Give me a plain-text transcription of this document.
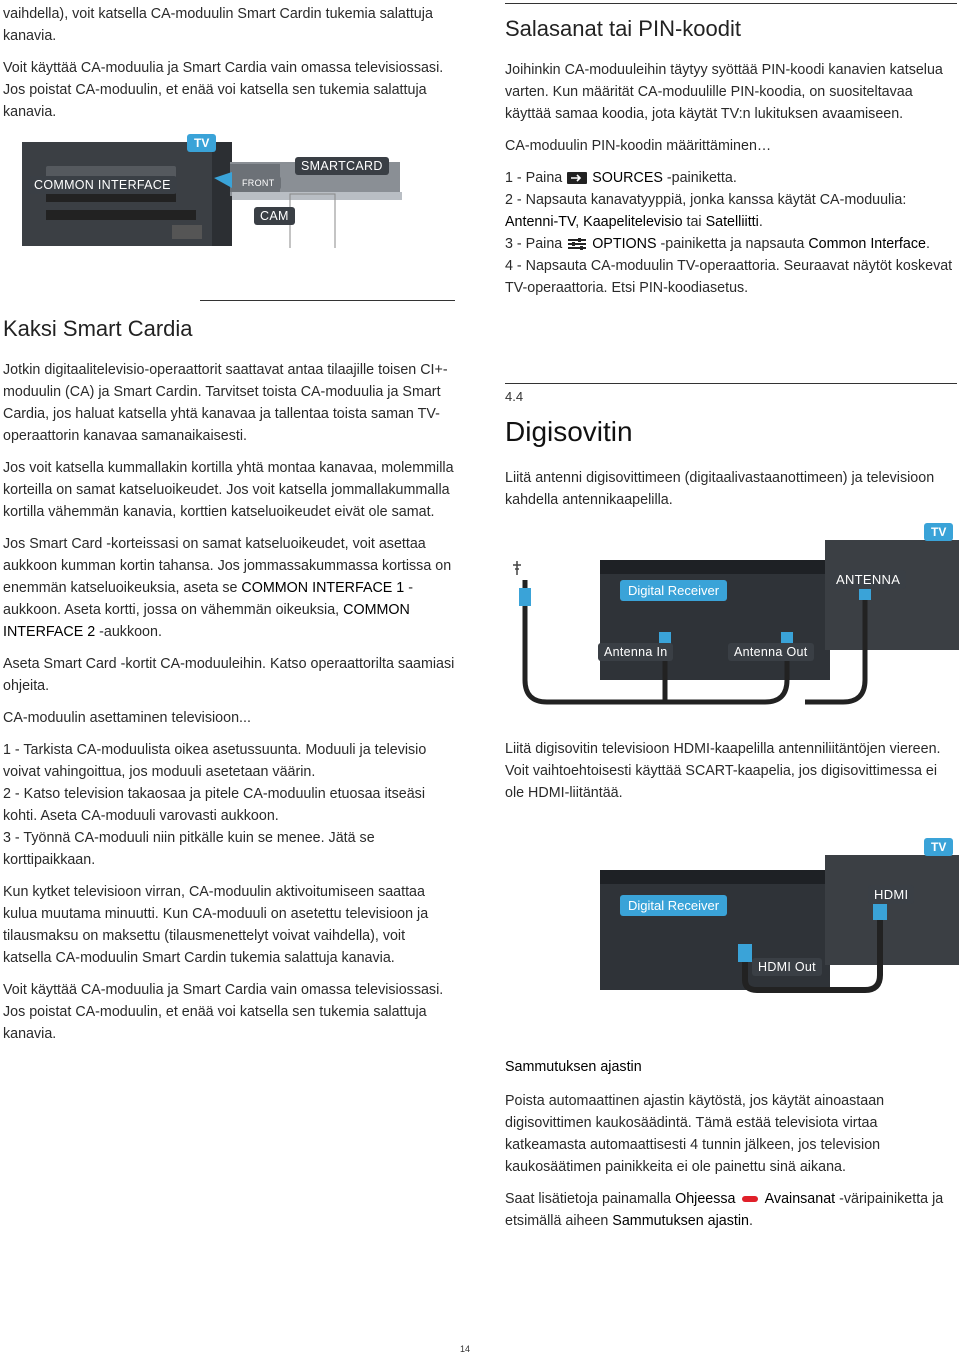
vaihdella), voit katsella CA-moduulin Smart Cardin tukemia salattuja kanavia.

Voit käyttää CA-moduulia ja Smart Cardia vain omassa televisiossasi. Jos poistat CA-moduulin, et enää voi katsella sen tukemia salattuja kanavia.

TV
COMMON INTERFACE	FRONT
SMARTCARD
CAM
Kaksi Smart Cardia

Jotkin digitaalitelevisio-operaattorit saattavat antaa tilaajille toisen CI+-moduulin (CA) ja Smart Cardin. Tarvitset toista CA-moduulia ja Smart Cardia, jos haluat katsella yhtä kanavaa ja tallentaa toista saman TV-operaattorin kanavaa samanaikaisesti.

Jos voit katsella kummallakin kortilla yhtä montaa kanavaa, molemmilla korteilla on samat katseluoikeudet. Jos voit katsella jommallakummalla kortilla vähemmän kanavia, korttien katseluoikeudet eivät ole samat.

Jos Smart Card -korteissasi on samat katseluoikeudet, voit asettaa aukkoon kumman kortin tahansa. Jos jommassakummassa kortissa on enemmän katseluoikeuksia, aseta se COMMON INTERFACE 1 -aukkoon. Aseta kortti, jossa on vähemmän oikeuksia, COMMON INTERFACE 2 -aukkoon.

Aseta Smart Card -kortit CA-moduuleihin. Katso operaattorilta saamiasi ohjeita.

CA-moduulin asettaminen televisioon...

1 - Tarkista CA-moduulista oikea asetussuunta. Moduuli ja televisio voivat vahingoittua, jos moduuli asetetaan väärin.

2 - Katso television takaosaa ja pitele CA-moduulin etuosaa itseäsi kohti. Aseta CA-moduuli varovasti aukkoon.

3 - Työnnä CA-moduuli niin pitkälle kuin se menee. Jätä se korttipaikkaan.

Kun kytket televisioon virran, CA-moduulin aktivoitumiseen saattaa kulua muutama minuutti. Kun CA-moduuli on asetettu televisioon ja tilausmaksu on maksettu (tilausmenettelyt voivat vaihdella), voit katsella CA-moduulin Smart Cardin tukemia salattuja kanavia.

Voit käyttää CA-moduulia ja Smart Cardia vain omassa televisiossasi. Jos poistat CA-moduulin, et enää voi katsella sen tukemia salattuja kanavia.

Salasanat tai PIN-koodit

Joihinkin CA-moduuleihin täytyy syöttää PIN-koodi kanavien katselua varten. Kun määrität CA-moduulille PIN-koodia, on suositeltavaa käyttää samaa koodia, jota käytät TV:n lukituksen avaamiseen.

CA-moduulin PIN-koodin määrittäminen…

1 - Paina  SOURCES -painiketta.

2 - Napsauta kanavatyyppiä, jonka kanssa käytät CA-moduulia: Antenni-TV, Kaapelitelevisio tai Satelliitti.

3 - Paina  OPTIONS -painiketta ja napsauta Common Interface.

4 - Napsauta CA-moduulin TV-operaattoria. Seuraavat näytöt koskevat TV-operaattoria. Etsi PIN-koodiasetus.

4.4
Digisovitin

Liitä antenni digisovittimeen (digitaalivastaanottimeen) ja televisioon kahdella antennikaapelilla.

TV
Digital Receiver
ANTENNA
Antenna In	Antenna Out

Liitä digisovitin televisioon HDMI-kaapelilla antenniliitäntöjen viereen.

Voit vaihtoehtoisesti käyttää SCART-kaapelia, jos digisovittimessa ei ole HDMI-liitäntää.

TV
Digital Receiver
HDMI
HDMI Out
Sammutuksen ajastin

Poista automaattinen ajastin käytöstä, jos käytät ainoastaan digisovittimen kaukosäädintä. Tämä estää televisiota virtaa katkeamasta automaattisesti 4 tunnin jälkeen, jos television kaukosäätimen painikkeita ei ole painettu sinä aikana.

Saat lisätietoja painamalla Ohjeessa Avainsanat -väripainiketta ja etsimällä aiheen Sammutuksen ajastin.

14
